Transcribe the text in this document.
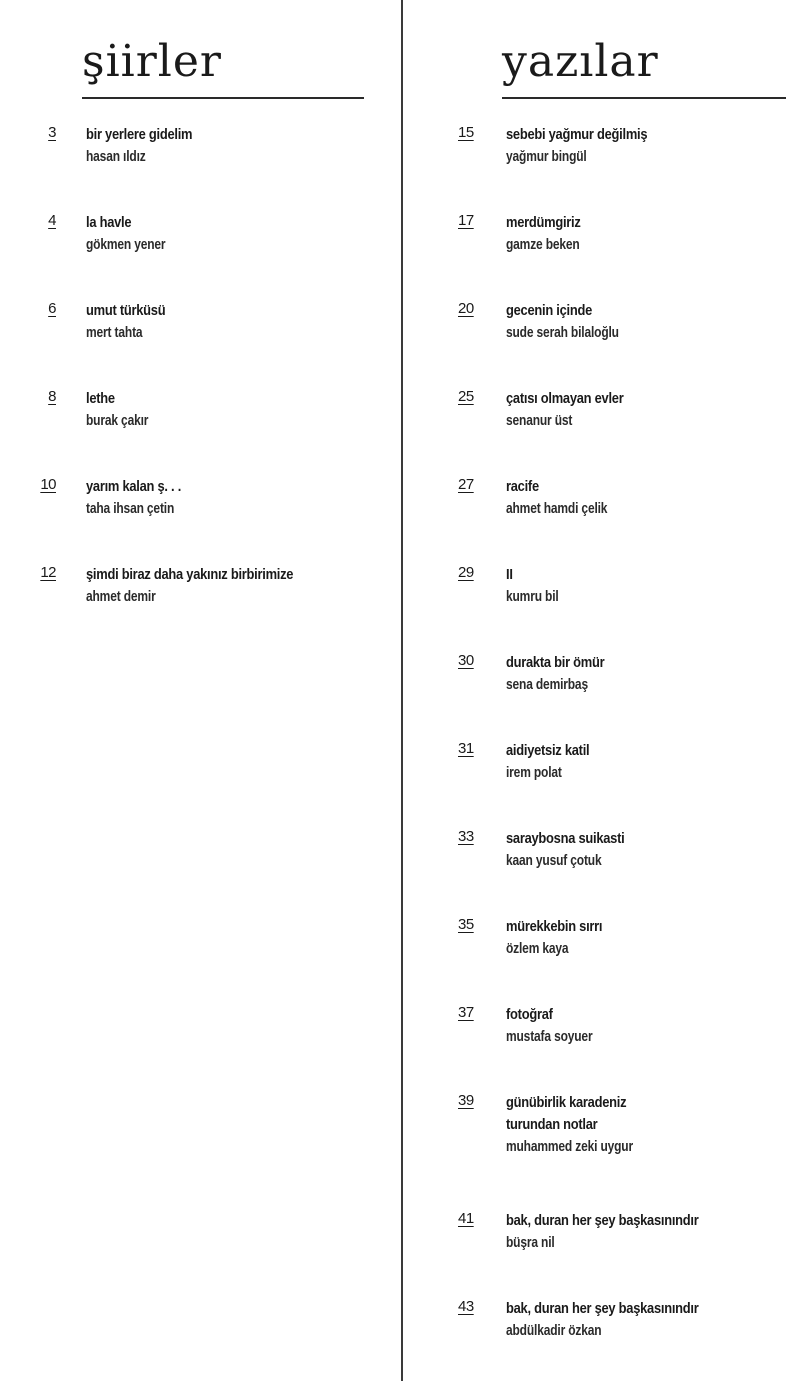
şiirler
3 bir yerlere gidelim
hasan ıldız
4 la havle
gökmen yener
6 umut türküsü
mert tahta
8 lethe
burak çakır
10 yarım kalan ş. . .
taha ihsan çetin
12 şimdi biraz daha yakınız birbirimize
ahmet demir
yazılar
15	sebebi yağmur değilmiş
yağmur bingül
17	merdümgiriz
gamze beken
20	gecenin içinde
sude serah bilaloğlu
25	çatısı olmayan evler
senanur üst
27	racife
ahmet hamdi çelik
29	II
kumru bil
30	durakta bir ömür
sena demirbaş
31	aidiyetsiz katil
irem polat
33	saraybosna suikasti
kaan yusuf çotuk
35	mürekkebin sırrı
özlem kaya
37	fotoğraf
mustafa soyuer
39	günübirlik karadeniz
turundan notlar
muhammed zeki uygur
41	bak, duran her şey başkasınındır
büşra nil
43	bak, duran her şey başkasınındır
abdülkadir özkan
